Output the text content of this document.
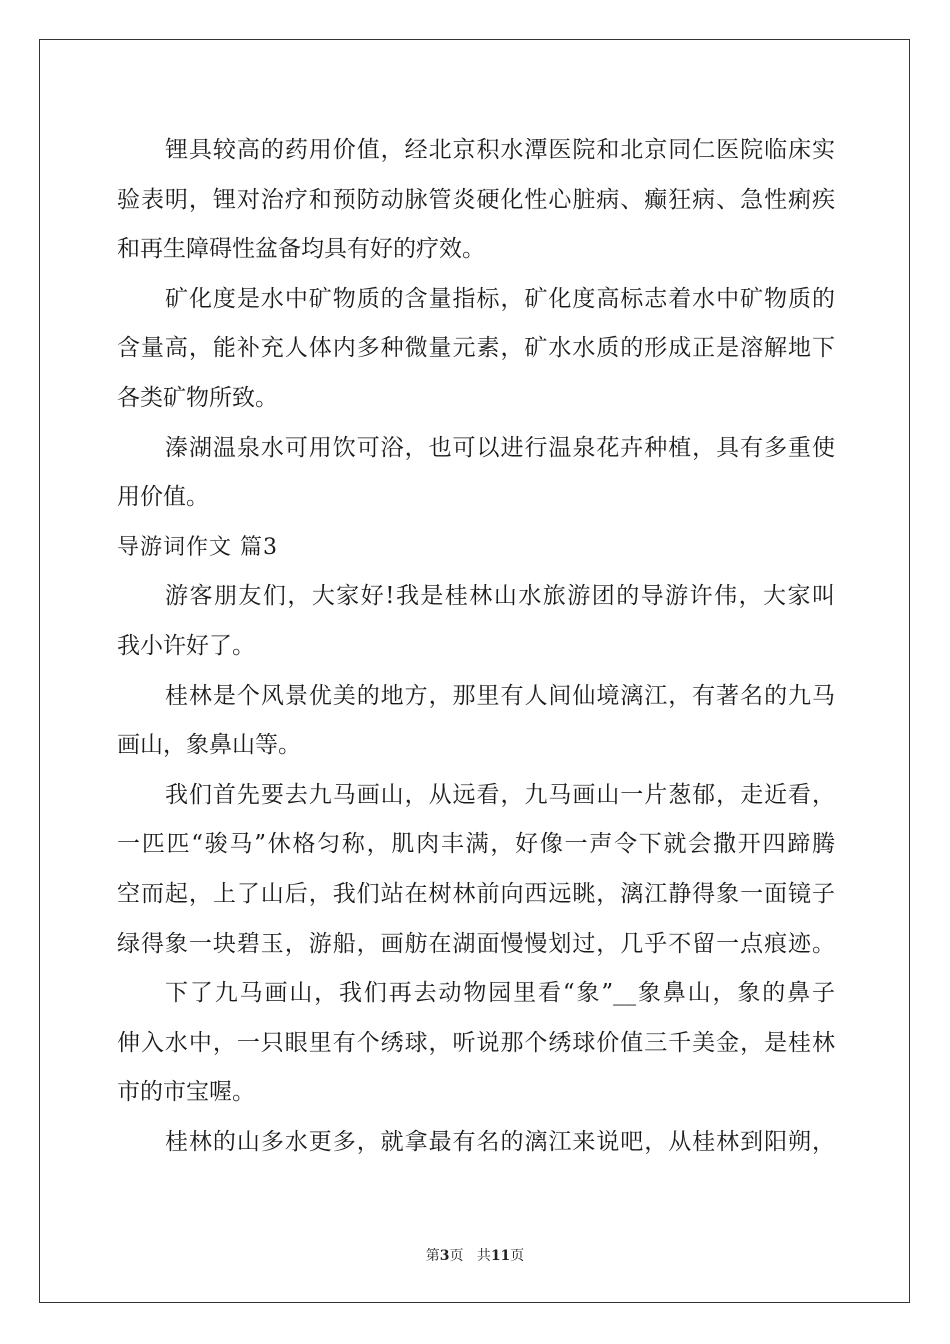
锂具较高的药用价值，经北京积水潭医院和北京同仁医院临床实
验表明，锂对治疗和预防动脉管炎硬化性心脏病、癫狂病、急性痢疾
和再生障碍性盆备均具有好的疗效。
矿化度是水中矿物质的含量指标，矿化度高标志着水中矿物质的
含量高，能补充人体内多种微量元素，矿水水质的形成正是溶解地下
各类矿物所致。
溱湖温泉水可用饮可浴，也可以进行温泉花卉种植，具有多重使
用价值。
导游词作文 篇3
游客朋友们，大家好!我是桂林山水旅游团的导游许伟，大家叫
我小许好了。
桂林是个风景优美的地方，那里有人间仙境漓江，有著名的九马
画山，象鼻山等。
我们首先要去九马画山，从远看，九马画山一片葱郁，走近看，
一匹匹“骏马”休格匀称，肌肉丰满，好像一声令下就会撒开四蹄腾
空而起，上了山后，我们站在树林前向西远眺，漓江静得象一面镜子
绿得象一块碧玉，游船，画舫在湖面慢慢划过，几乎不留一点痕迹。
下了九马画山，我们再去动物园里看“象”__象鼻山，象的鼻子
伸入水中，一只眼里有个绣球，听说那个绣球价值三千美金，是桂林
市的市宝喔。
桂林的山多水更多，就拿最有名的漓江来说吧，从桂林到阳朔，
第3页 共11页
